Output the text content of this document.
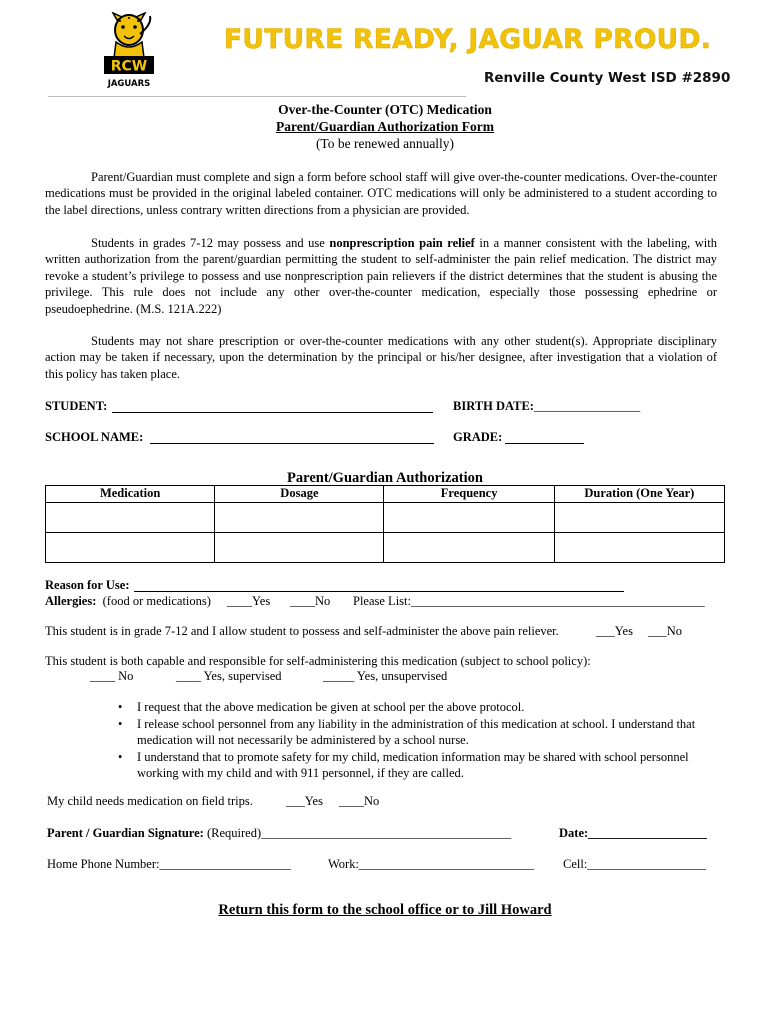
RCW
JAGUARS
FUTURE READY, JAGUAR PROUD.
Renville County West ISD #2890
Over-the-Counter (OTC) Medication
Parent/Guardian Authorization Form
(To be renewed annually)
Parent/Guardian must complete and sign a form before school staff will give over-the-counter medications. Over-the-counter medications must be provided in the original labeled container. OTC medications will only be administered to a student according to the label directions, unless contrary written directions from a physician are provided.
Students in grades 7-12 may possess and use nonprescription pain relief in a manner consistent with the labeling, with written authorization from the parent/guardian permitting the student to self-administer the pain relief medication. The district may revoke a student’s privilege to possess and use nonprescription pain relievers if the district determines that the student is abusing the privilege. This rule does not include any other over-the-counter medication, especially those possessing ephedrine or pseudoephedrine. (M.S. 121A.222)
Students may not share prescription or over-the-counter medications with any other student(s). Appropriate disciplinary action may be taken if necessary, upon the determination by the principal or his/her designee, after investigation that a violation of this policy has taken place.
STUDENT:	BIRTH DATE:_________________
SCHOOL NAME:	GRADE:
Parent/Guardian Authorization
Medication	Dosage	Frequency	Duration (One Year)

Reason for Use:
Allergies: (food or medications) ____Yes ____No Please List:_______________________________________________
This student is in grade 7-12 and I allow student to possess and self-administer the above pain reliever.	___Yes ___No
This student is both capable and responsible for self-administering this medication (subject to school policy):
____ No	____ Yes, supervised	_____ Yes, unsupervised
• I request that the above medication be given at school per the above protocol.
• I release school personnel from any liability in the administration of this medication at school. I understand that medication will not necessarily be administered by a school nurse.
• I understand that to promote safety for my child, medication information may be shared with school personnel working with my child and with 911 personnel, if they are called.
My child needs medication on field trips.	___Yes ____No
Parent / Guardian Signature: (Required)________________________________________	Date:___________________
Home Phone Number:_____________________	Work:____________________________ Cell:___________________
Return this form to the school office or to Jill Howard
